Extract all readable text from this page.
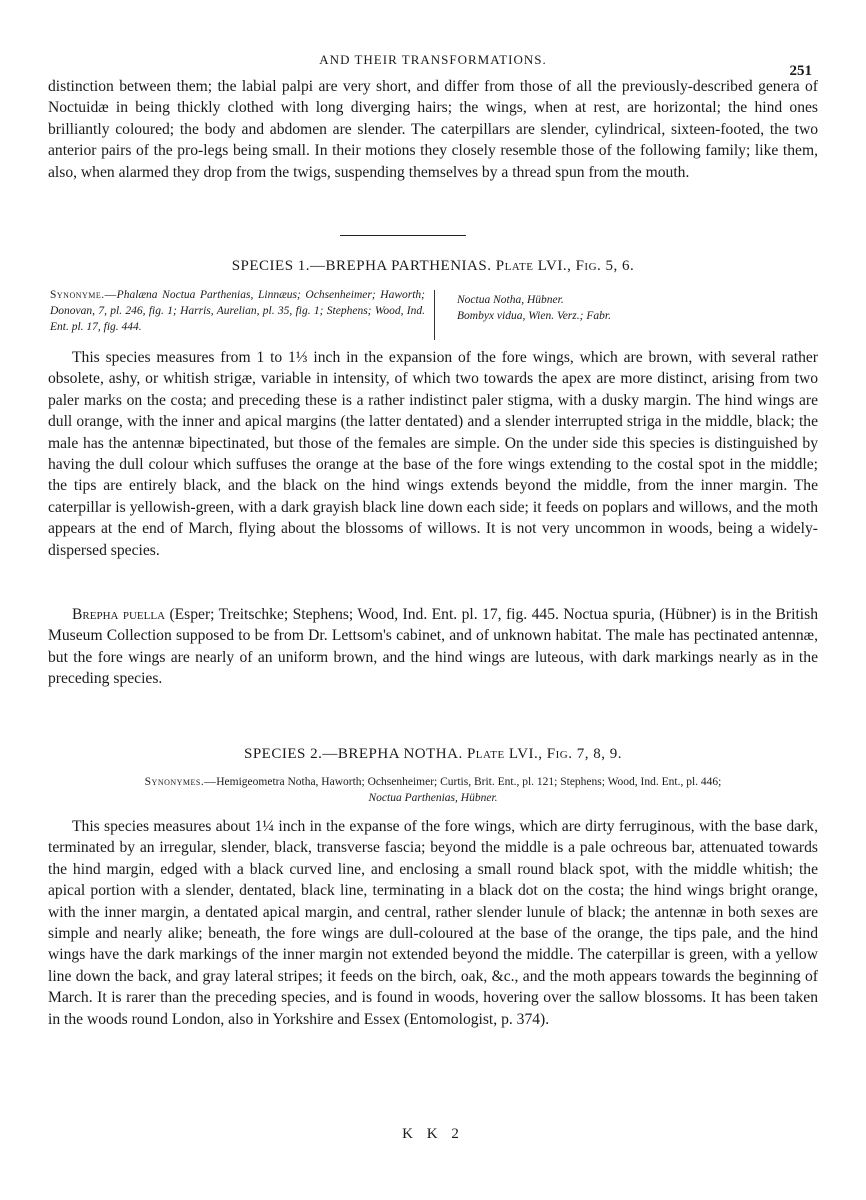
AND THEIR TRANSFORMATIONS.
251

distinction between them; the labial palpi are very short, and differ from those of all the previously-described genera of Noctuidæ in being thickly clothed with long diverging hairs; the wings, when at rest, are horizontal; the hind ones brilliantly coloured; the body and abdomen are slender. The caterpillars are slender, cylindrical, sixteen-footed, the two anterior pairs of the pro-legs being small. In their motions they closely resemble those of the following family; like them, also, when alarmed they drop from the twigs, suspending themselves by a thread spun from the mouth.

SPECIES 1.—BREPHA PARTHENIAS. Plate LVI., Fig. 5, 6.

Synonyme.—Phalæna Noctua Parthenias, Linnæus; Ochsenheimer; Haworth; Donovan, 7, pl. 246, fig. 1; Harris, Aurelian, pl. 35, fig. 1; Stephens; Wood, Ind. Ent. pl. 17, fig. 444.

Noctua Notha, Hübner.
Bombyx vidua, Wien. Verz.; Fabr.

This species measures from 1 to 1⅓ inch in the expansion of the fore wings, which are brown, with several rather obsolete, ashy, or whitish strigæ, variable in intensity, of which two towards the apex are more distinct, arising from two paler marks on the costa; and preceding these is a rather indistinct paler stigma, with a dusky margin. The hind wings are dull orange, with the inner and apical margins (the latter dentated) and a slender interrupted striga in the middle, black; the male has the antennæ bipectinated, but those of the females are simple. On the under side this species is distinguished by having the dull colour which suffuses the orange at the base of the fore wings extending to the costal spot in the middle; the tips are entirely black, and the black on the hind wings extends beyond the middle, from the inner margin. The caterpillar is yellowish-green, with a dark grayish black line down each side; it feeds on poplars and willows, and the moth appears at the end of March, flying about the blossoms of willows. It is not very uncommon in woods, being a widely-dispersed species.

Brepha puella (Esper; Treitschke; Stephens; Wood, Ind. Ent. pl. 17, fig. 445. Noctua spuria, (Hübner) is in the British Museum Collection supposed to be from Dr. Lettsom's cabinet, and of unknown habitat. The male has pectinated antennæ, but the fore wings are nearly of an uniform brown, and the hind wings are luteous, with dark markings nearly as in the preceding species.

SPECIES 2.—BREPHA NOTHA. Plate LVI., Fig. 7, 8, 9.

Synonymes.—Hemigeometra Notha, Haworth; Ochsenheimer; Curtis, Brit. Ent., pl. 121; Stephens; Wood, Ind. Ent., pl. 446;
Noctua Parthenias, Hübner.

This species measures about 1¼ inch in the expanse of the fore wings, which are dirty ferruginous, with the base dark, terminated by an irregular, slender, black, transverse fascia; beyond the middle is a pale ochreous bar, attenuated towards the hind margin, edged with a black curved line, and enclosing a small round black spot, with the middle whitish; the apical portion with a slender, dentated, black line, terminating in a black dot on the costa; the hind wings bright orange, with the inner margin, a dentated apical margin, and central, rather slender lunule of black; the antennæ in both sexes are simple and nearly alike; beneath, the fore wings are dull-coloured at the base of the orange, the tips pale, and the hind wings have the dark markings of the inner margin not extended beyond the middle. The caterpillar is green, with a yellow line down the back, and gray lateral stripes; it feeds on the birch, oak, &c., and the moth appears towards the beginning of March. It is rarer than the preceding species, and is found in woods, hovering over the sallow blossoms. It has been taken in the woods round London, also in Yorkshire and Essex (Entomologist, p. 374).

K K 2
